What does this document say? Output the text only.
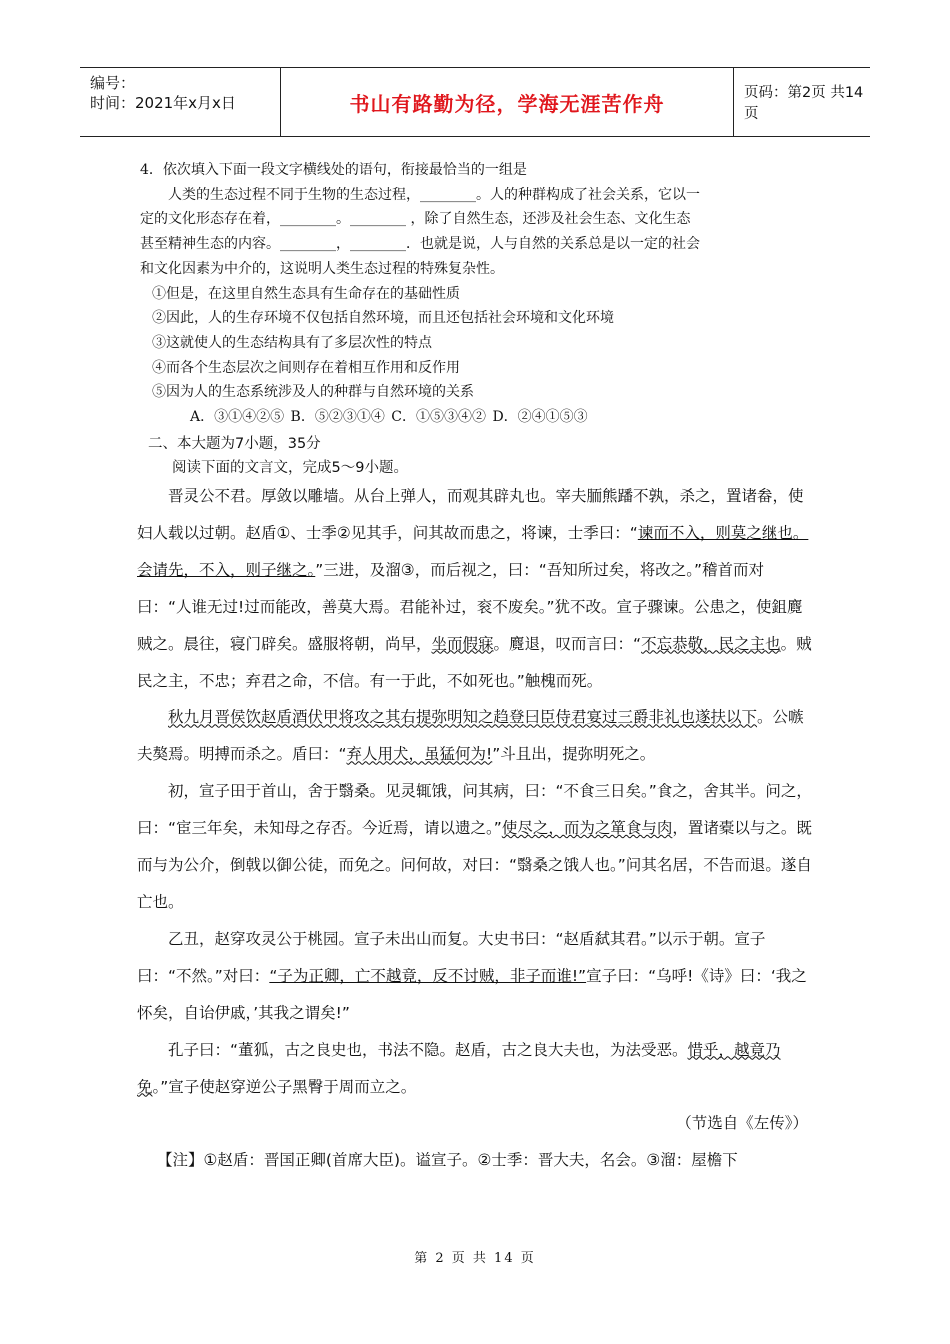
编号：
时间：2021年x月x日	书山有路勤为径，学海无涯苦作舟	页码：第2页 共14页

4．依次填入下面一段文字横线处的语句，衔接最恰当的一组是

人类的生态过程不同于生物的生态过程，________。人的种群构成了社会关系，它以一

定的文化形态存在着，________。________ ，除了自然生态，还涉及社会生态、文化生态

甚至精神生态的内容。________，________．也就是说，人与自然的关系总是以一定的社会

和文化因素为中介的，这说明人类生态过程的特殊复杂性。

①但是，在这里自然生态具有生命存在的基础性质

②因此，人的生存环境不仅包括自然环境，而且还包括社会环境和文化环境

③这就使人的生态结构具有了多层次性的特点

④而各个生态层次之间则存在着相互作用和反作用

⑤因为人的生态系统涉及人的种群与自然环境的关系

A．③①④②⑤ B．⑤②③①④ C．①⑤③④② D．②④①⑤③

二、本大题为7小题，35分
阅读下面的文言文，完成5～9小题。

晋灵公不君。厚敛以雕墙。从台上弹人，而观其辟丸也。宰夫胹熊蹯不孰，杀之，置诸畚，使妇人载以过朝。赵盾①、士季②见其手，问其故而患之，将谏，士季曰：“谏而不入，则莫之继也。会请先，不入，则子继之。”三进，及溜③，而后视之，曰：“吾知所过矣，将改之。”稽首而对曰：“人谁无过!过而能改，善莫大焉。君能补过，衮不废矣。”犹不改。宣子骤谏。公患之，使鉏麑贼之。晨往，寝门辟矣。盛服将朝，尚早，坐而假寐。麑退，叹而言曰：“不忘恭敬，民之主也。贼民之主，不忠；弃君之命，不信。有一于此，不如死也。”触槐而死。

秋九月晋侯饮赵盾酒伏甲将攻之其右提弥明知之趋登曰臣侍君宴过三爵非礼也遂扶以下。公嗾夫獒焉。明搏而杀之。盾曰：“弃人用犬，虽猛何为!”斗且出，提弥明死之。

初，宣子田于首山，舍于翳桑。见灵辄饿，问其病，曰：“不食三日矣。”食之，舍其半。问之，曰：“宦三年矣，未知母之存否。今近焉，请以遗之。”使尽之，而为之箪食与肉，置诸橐以与之。既而与为公介，倒戟以御公徒，而免之。问何故，对曰：“翳桑之饿人也。”问其名居，不告而退。遂自亡也。

乙丑，赵穿攻灵公于桃园。宣子未出山而复。大史书曰：“赵盾弑其君。”以示于朝。宣子曰：“不然。”对曰：“子为正卿，亡不越竟，反不讨贼，非子而谁!”宣子曰：“乌呼!《诗》曰：‘我之怀矣，自诒伊戚，’其我之谓矣!”

孔子曰：“董狐，古之良史也，书法不隐。赵盾，古之良大夫也，为法受恶。惜乎，越竟乃免。”宣子使赵穿逆公子黑臀于周而立之。

（节选自《左传》）

【注】①赵盾：晋国正卿(首席大臣)。谥宣子。②士季：晋大夫，名会。③溜：屋檐下

第 2 页 共 14 页
